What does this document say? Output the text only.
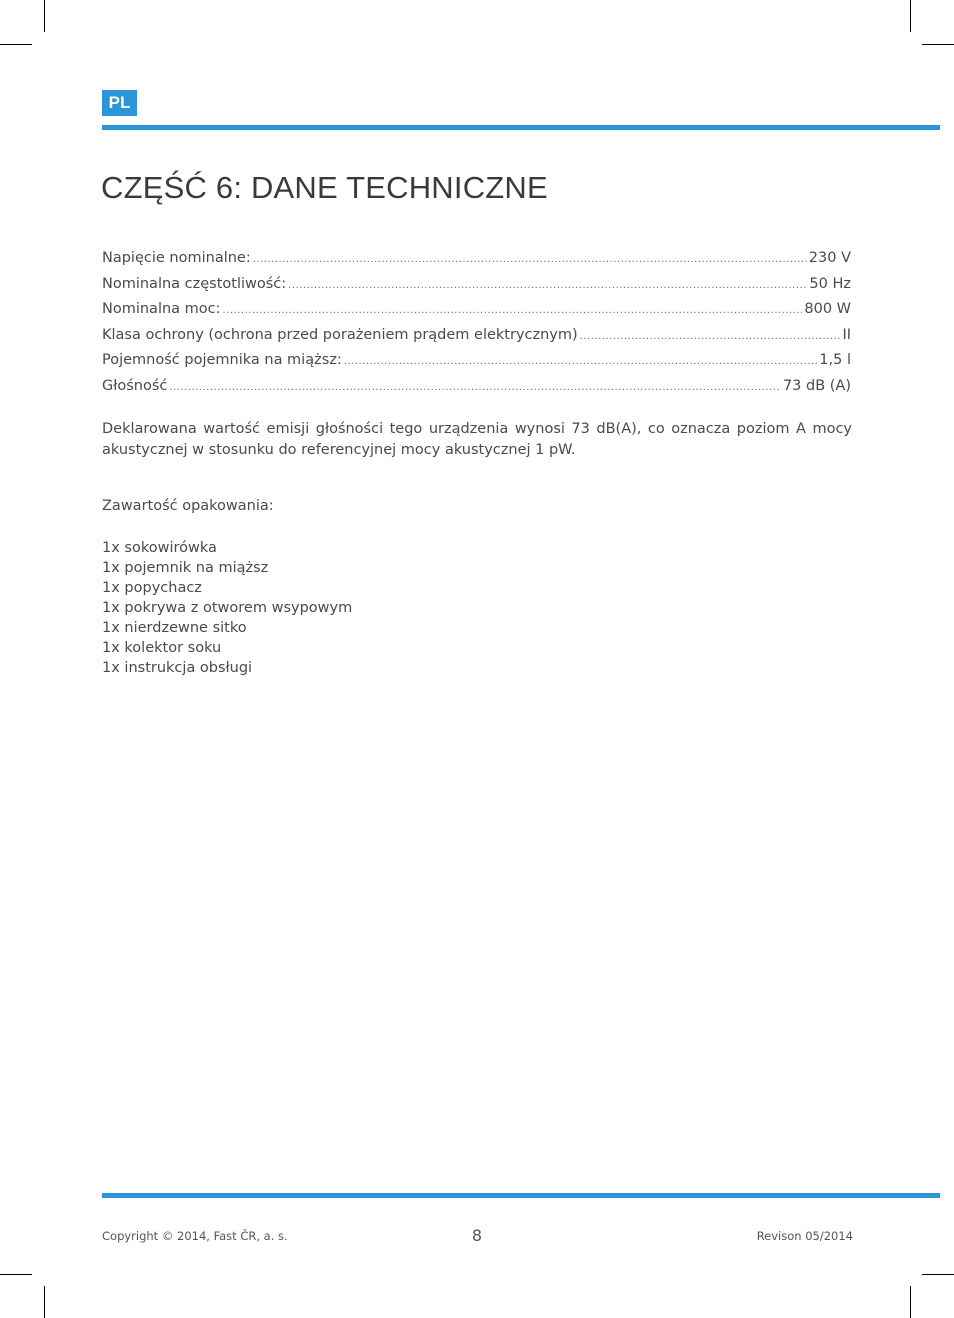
PL
CZĘŚĆ 6: DANE TECHNICZNE
Napięcie nominalne: .....	230 V
Nominalna częstotliwość: .....	50 Hz
Nominalna moc: .....	800 W
Klasa ochrony (ochrona przed porażeniem prądem elektrycznym) .....	II
Pojemność pojemnika na miąższ: .....	1,5 l
Głośność .....	73 dB (A)

Deklarowana wartość emisji głośności tego urządzenia wynosi 73 dB(A), co oznacza poziom A mocy akustycznej w stosunku do referencyjnej mocy akustycznej 1 pW.

Zawartość opakowania:

1x sokowirówka
1x pojemnik na miąższ
1x popychacz
1x pokrywa z otworem wsypowym
1x nierdzewne sitko
1x kolektor soku
1x instrukcja obsługi
Copyright © 2014, Fast ČR, a. s.	8	Revison 05/2014
